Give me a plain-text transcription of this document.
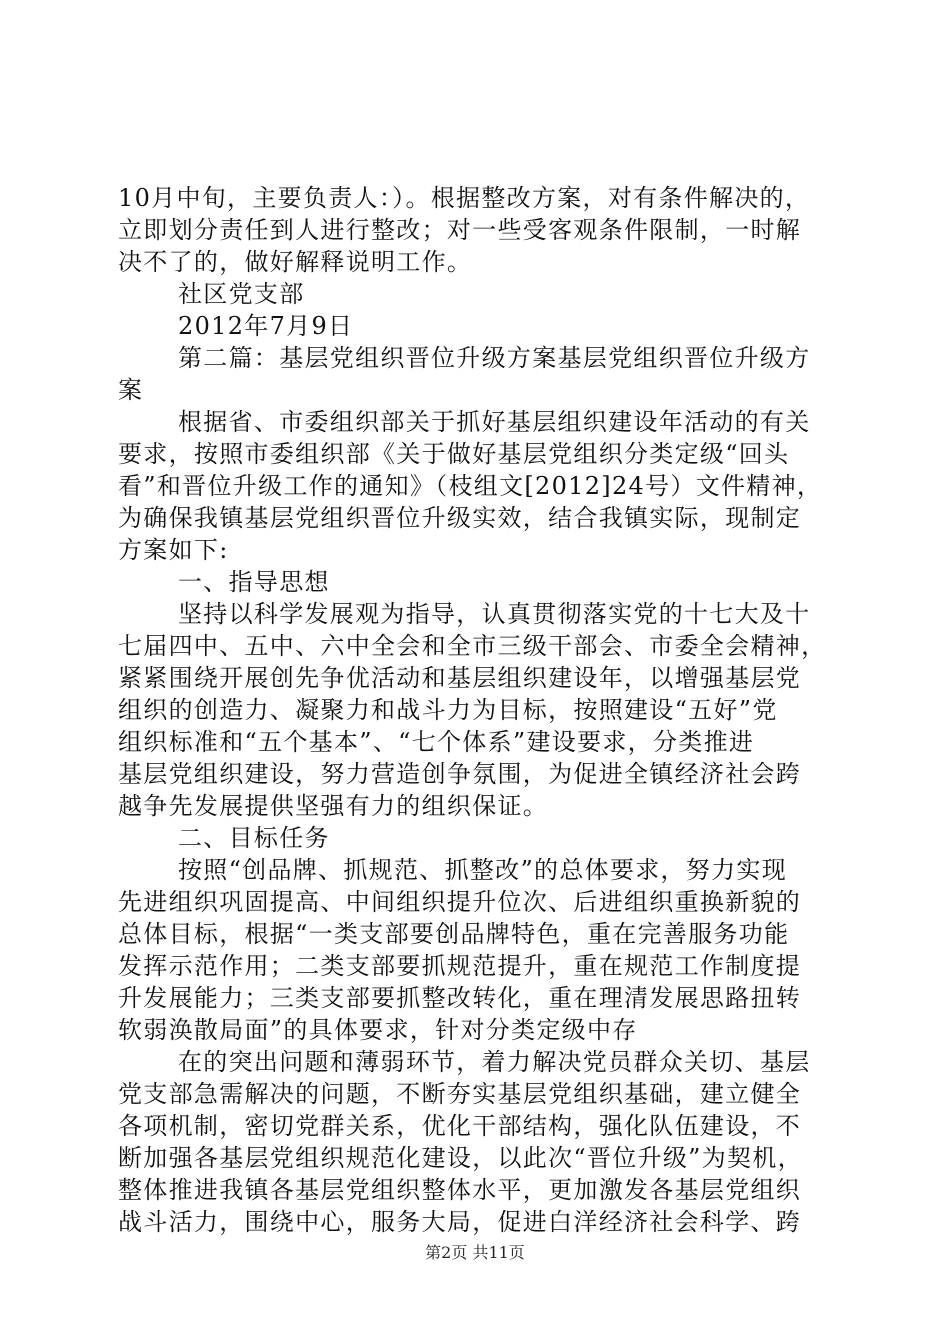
10月中旬，主要负责人：）。根据整改方案，对有条件解决的，
立即划分责任到人进行整改；对一些受客观条件限制，一时解
决不了的，做好解释说明工作。
社区党支部
2012年7月9日
第二篇：基层党组织晋位升级方案基层党组织晋位升级方
案
根据省、市委组织部关于抓好基层组织建设年活动的有关
要求，按照市委组织部《关于做好基层党组织分类定级“回头
看”和晋位升级工作的通知》（枝组文[2012]24号）文件精神，
为确保我镇基层党组织晋位升级实效，结合我镇实际，现制定
方案如下:
一、指导思想
坚持以科学发展观为指导，认真贯彻落实党的十七大及十
七届四中、五中、六中全会和全市三级干部会、市委全会精神，
紧紧围绕开展创先争优活动和基层组织建设年，以增强基层党
组织的创造力、凝聚力和战斗力为目标，按照建设“五好”党
组织标准和“五个基本”、“七个体系”建设要求，分类推进
基层党组织建设，努力营造创争氛围，为促进全镇经济社会跨
越争先发展提供坚强有力的组织保证。
二、目标任务
按照“创品牌、抓规范、抓整改”的总体要求，努力实现
先进组织巩固提高、中间组织提升位次、后进组织重换新貌的
总体目标，根据“一类支部要创品牌特色，重在完善服务功能
发挥示范作用；二类支部要抓规范提升，重在规范工作制度提
升发展能力；三类支部要抓整改转化，重在理清发展思路扭转
软弱涣散局面”的具体要求，针对分类定级中存
在的突出问题和薄弱环节，着力解决党员群众关切、基层
党支部急需解决的问题，不断夯实基层党组织基础，建立健全
各项机制，密切党群关系，优化干部结构，强化队伍建设，不
断加强各基层党组织规范化建设，以此次“晋位升级”为契机，
整体推进我镇各基层党组织整体水平，更加激发各基层党组织
战斗活力，围绕中心，服务大局，促进白洋经济社会科学、跨
第2页 共11页
